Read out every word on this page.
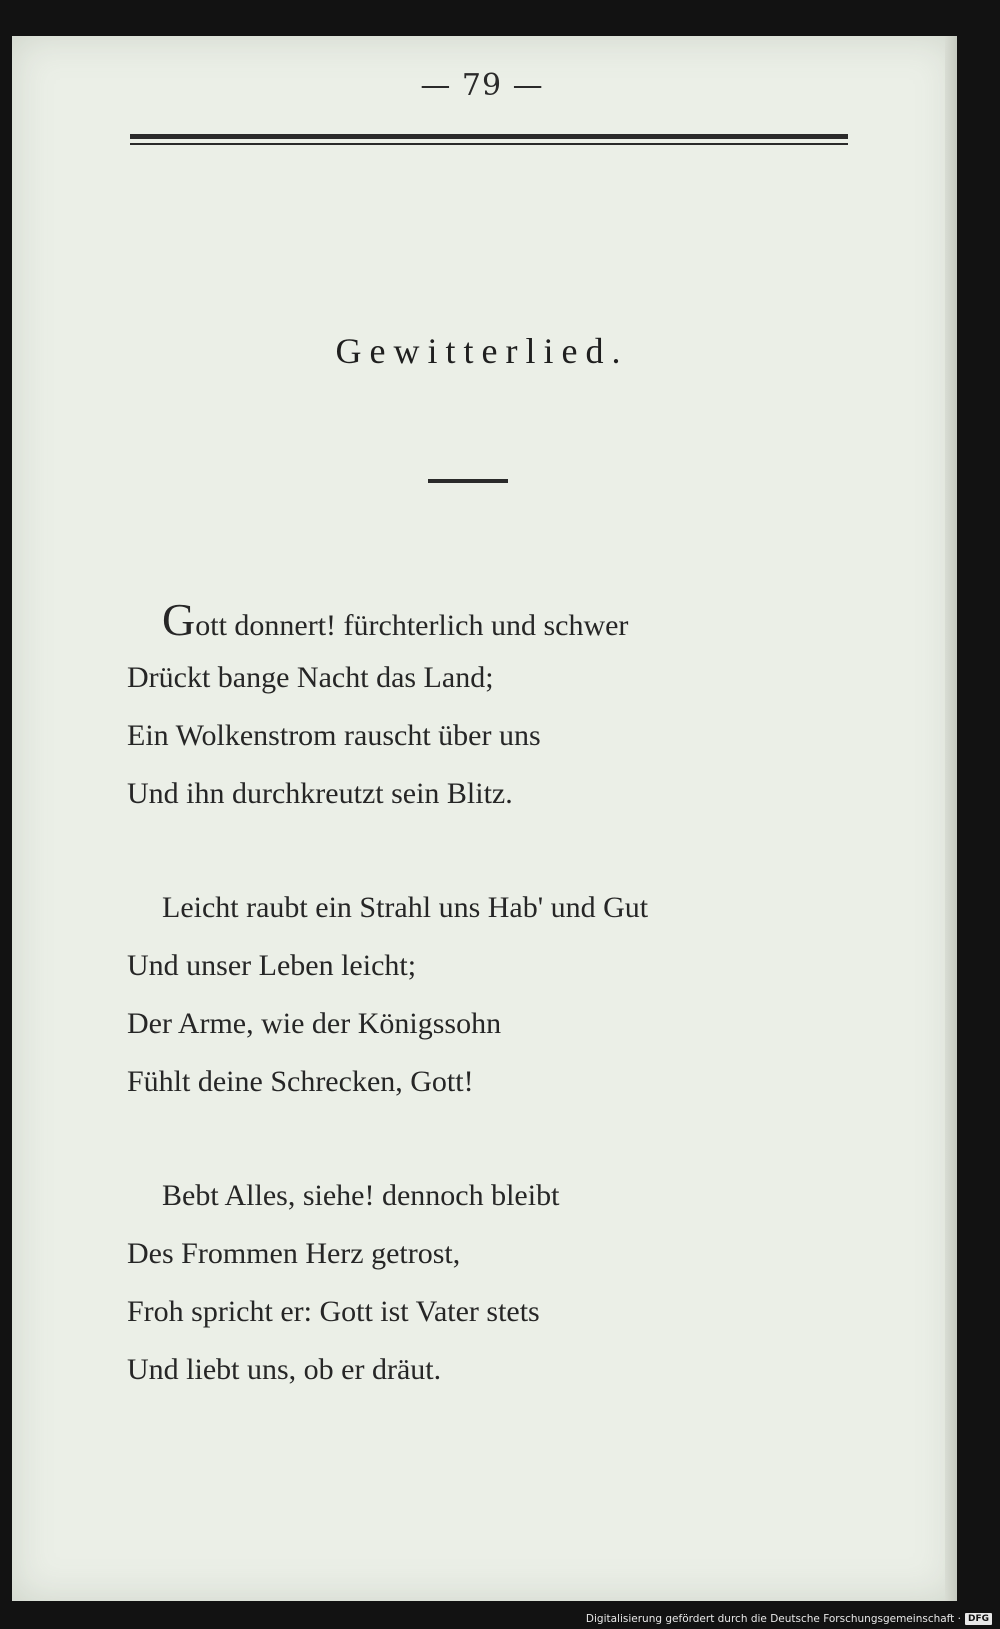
— 79 —
Gewitterlied.
Gott donnert! fürchterlich und schwer
Drückt bange Nacht das Land;
Ein Wolkenstrom rauscht über uns
Und ihn durchkreutzt sein Blitz.
Leicht raubt ein Strahl uns Hab' und Gut
Und unser Leben leicht;
Der Arme, wie der Königssohn
Fühlt deine Schrecken, Gott!
Bebt Alles, siehe! dennoch bleibt
Des Frommen Herz getrost,
Froh spricht er: Gott ist Vater stets
Und liebt uns, ob er dräut.
Digitalisierung gefördert durch die Deutsche Forschungsgemeinschaft · DFG
